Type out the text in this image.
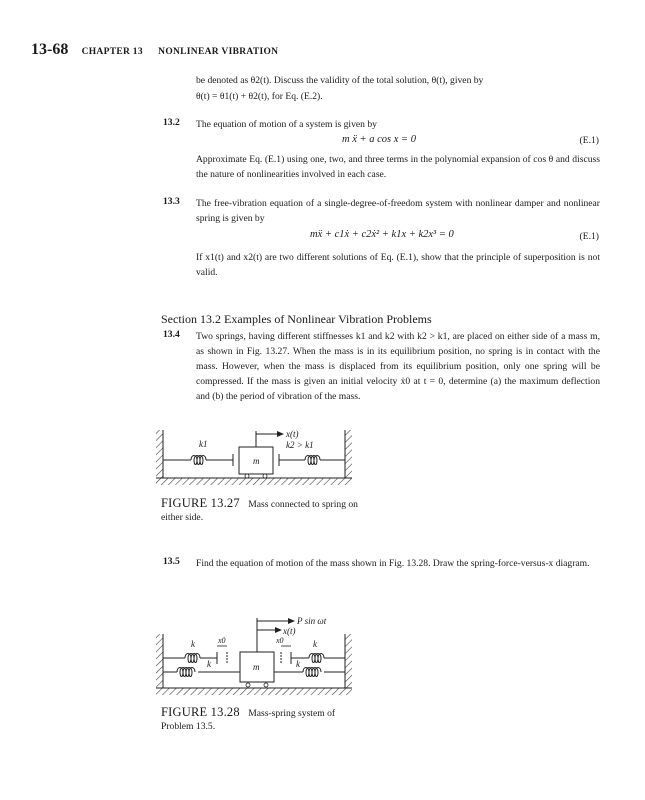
13-68 CHAPTER 13 NONLINEAR VIBRATION
be denoted as θ2(t). Discuss the validity of the total solution, θ(t), given by
θ(t) = θ1(t) + θ2(t), for Eq. (E.2).
13.2 The equation of motion of a system is given by
m ẍ + a cos x = 0	(E.1)
Approximate Eq. (E.1) using one, two, and three terms in the polynomial expansion of cos θ and discuss the nature of nonlinearities involved in each case.
13.3 The free-vibration equation of a single-degree-of-freedom system with nonlinear damper and nonlinear spring is given by
mẍ + c1ẋ + c2ẋ² + k1x + k2x³ = 0	(E.1)
If x1(t) and x2(t) are two different solutions of Eq. (E.1), show that the principle of superposition is not valid.
Section 13.2 Examples of Nonlinear Vibration Problems
13.4 Two springs, having different stiffnesses k1 and k2 with k2 > k1, are placed on either side of a mass m, as shown in Fig. 13.27. When the mass is in its equilibrium position, no spring is in contact with the mass. However, when the mass is displaced from its equilibrium position, only one spring will be compressed. If the mass is given an initial velocity ẋ0 at t = 0, determine (a) the maximum deflection and (b) the period of vibration of the mass.
x(t)
k1	k2 > k1
m
FIGURE 13.27 Mass connected to spring on either side.
13.5 Find the equation of motion of the mass shown in Fig. 13.28. Draw the spring-force-versus-x diagram.
P sin ωt
x(t)
x0	x0
k
k	k
k
m
FIGURE 13.28 Mass-spring system of Problem 13.5.
